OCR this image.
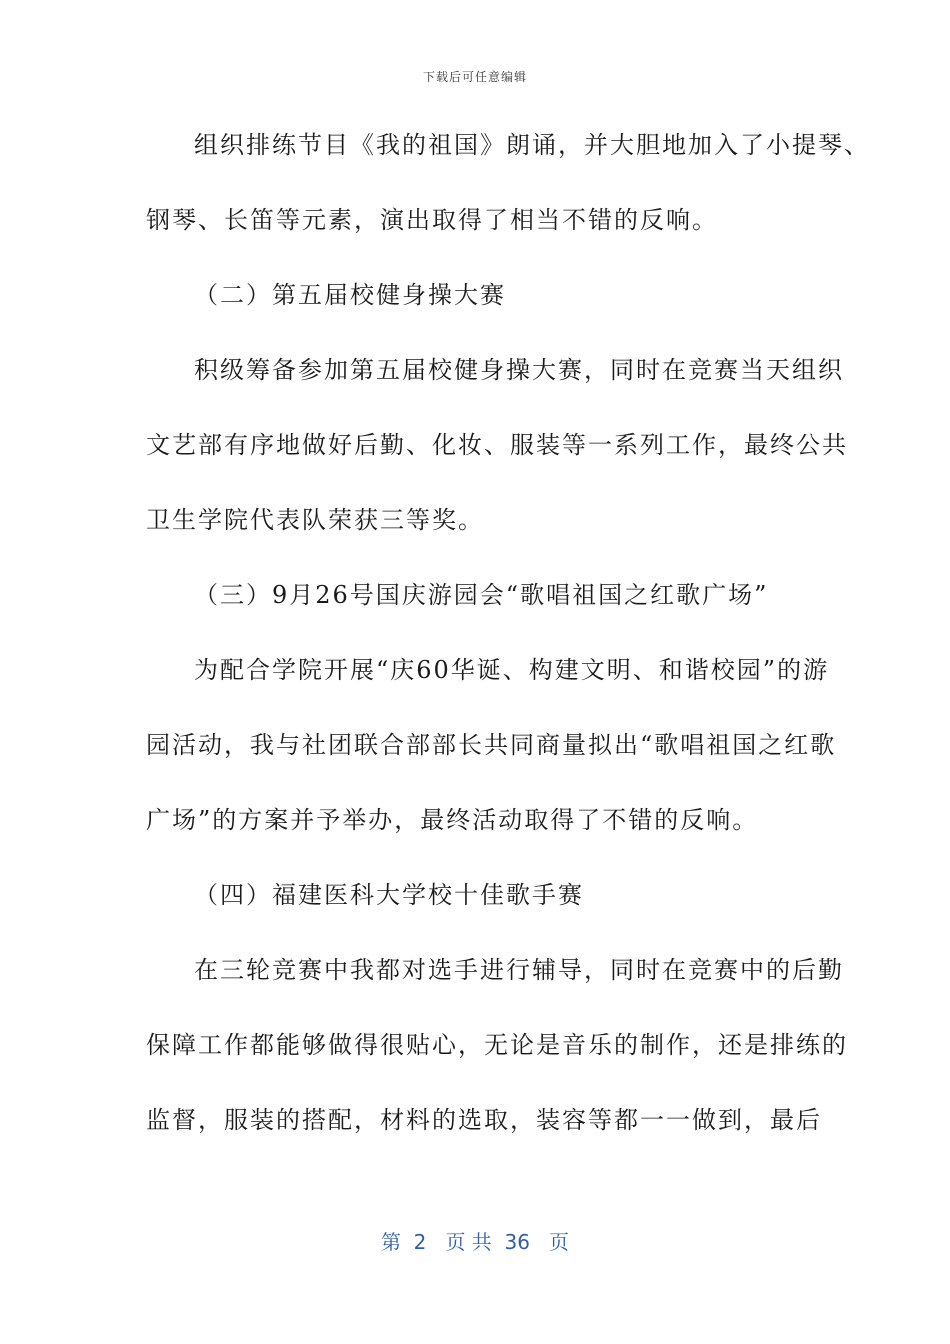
下载后可任意编辑
组织排练节目《我的祖国》朗诵，并大胆地加入了小提琴、
钢琴、长笛等元素，演出取得了相当不错的反响。
（二）第五届校健身操大赛
积级筹备参加第五届校健身操大赛，同时在竞赛当天组织
文艺部有序地做好后勤、化妆、服装等一系列工作，最终公共
卫生学院代表队荣获三等奖。
（三）9月26号国庆游园会“歌唱祖国之红歌广场”
为配合学院开展“庆60华诞、构建文明、和谐校园”的游
园活动，我与社团联合部部长共同商量拟出“歌唱祖国之红歌
广场”的方案并予举办，最终活动取得了不错的反响。
（四）福建医科大学校十佳歌手赛
在三轮竞赛中我都对选手进行辅导，同时在竞赛中的后勤
保障工作都能够做得很贴心，无论是音乐的制作，还是排练的
监督，服装的搭配，材料的选取，装容等都一一做到，最后
第  2   页 共  36   页
